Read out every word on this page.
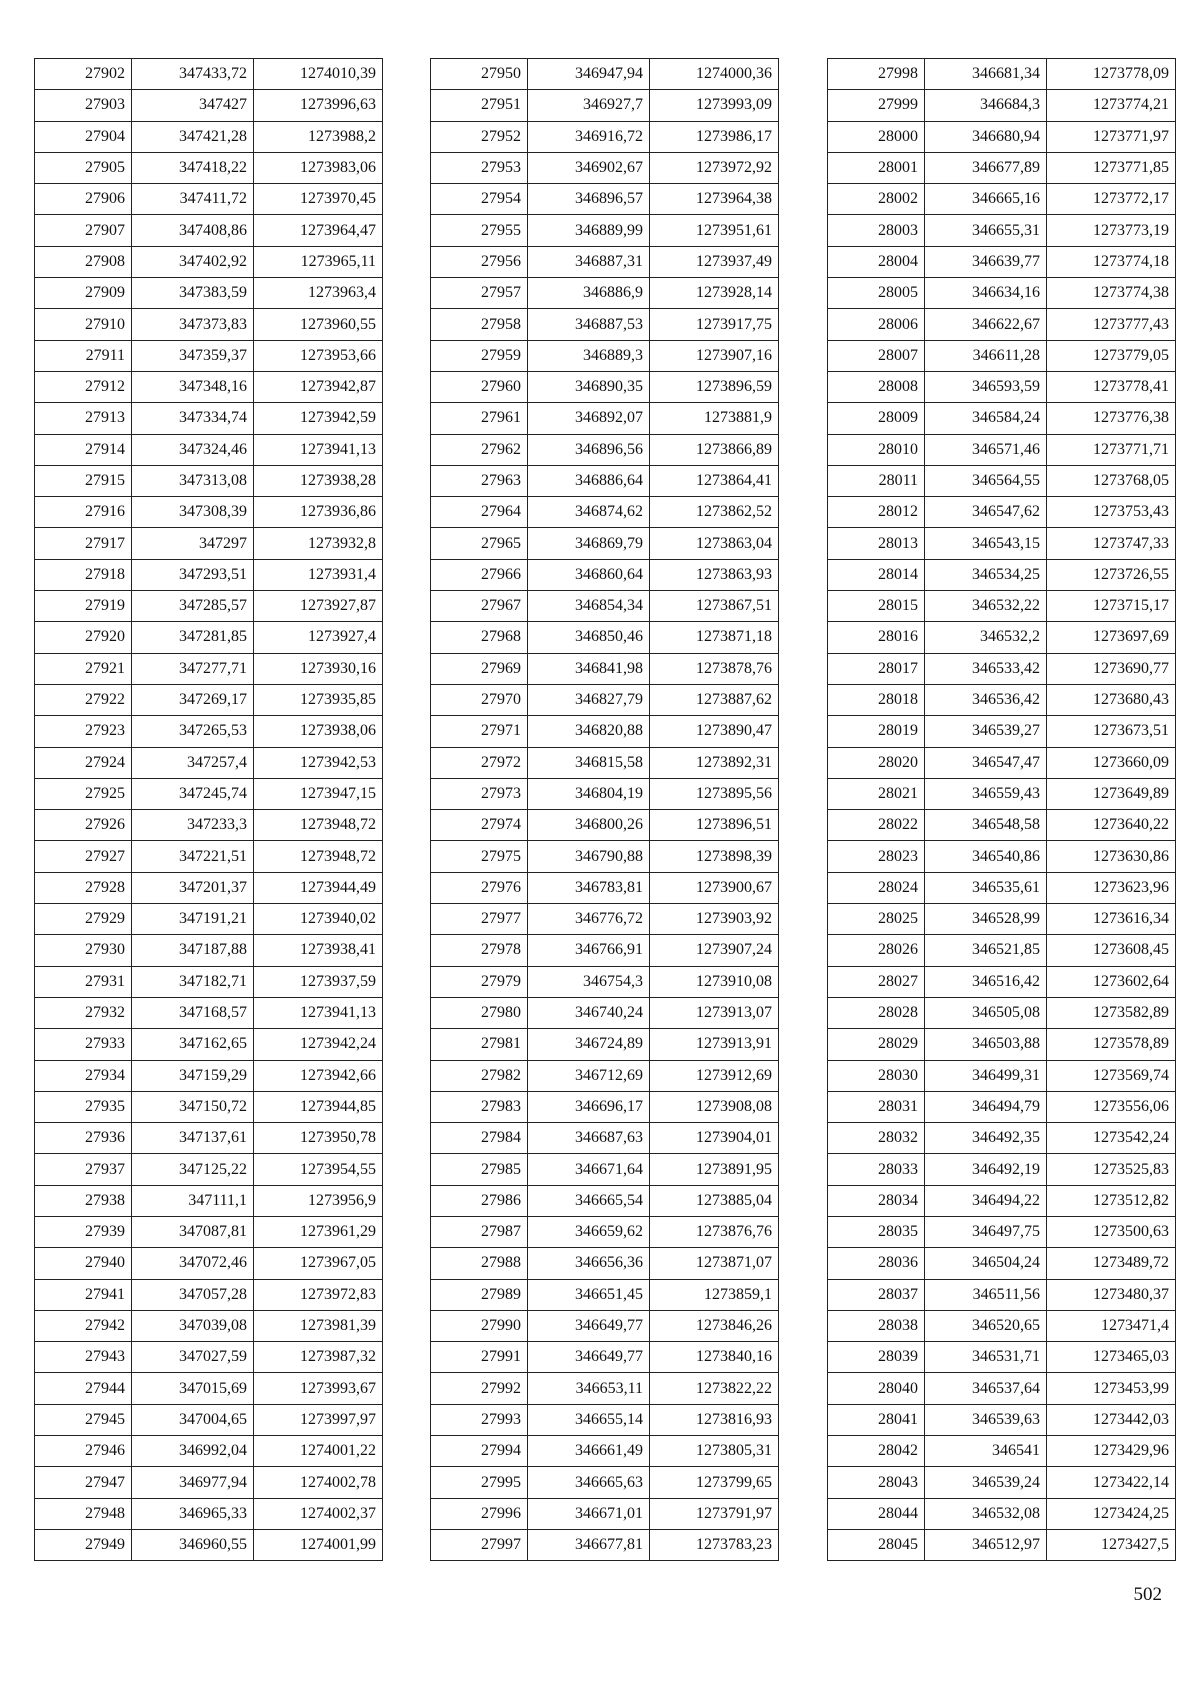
27902	347433,72	1274010,39
27903	347427	1273996,63
27904	347421,28	1273988,2
27905	347418,22	1273983,06
27906	347411,72	1273970,45
27907	347408,86	1273964,47
27908	347402,92	1273965,11
27909	347383,59	1273963,4
27910	347373,83	1273960,55
27911	347359,37	1273953,66
27912	347348,16	1273942,87
27913	347334,74	1273942,59
27914	347324,46	1273941,13
27915	347313,08	1273938,28
27916	347308,39	1273936,86
27917	347297	1273932,8
27918	347293,51	1273931,4
27919	347285,57	1273927,87
27920	347281,85	1273927,4
27921	347277,71	1273930,16
27922	347269,17	1273935,85
27923	347265,53	1273938,06
27924	347257,4	1273942,53
27925	347245,74	1273947,15
27926	347233,3	1273948,72
27927	347221,51	1273948,72
27928	347201,37	1273944,49
27929	347191,21	1273940,02
27930	347187,88	1273938,41
27931	347182,71	1273937,59
27932	347168,57	1273941,13
27933	347162,65	1273942,24
27934	347159,29	1273942,66
27935	347150,72	1273944,85
27936	347137,61	1273950,78
27937	347125,22	1273954,55
27938	347111,1	1273956,9
27939	347087,81	1273961,29
27940	347072,46	1273967,05
27941	347057,28	1273972,83
27942	347039,08	1273981,39
27943	347027,59	1273987,32
27944	347015,69	1273993,67
27945	347004,65	1273997,97
27946	346992,04	1274001,22
27947	346977,94	1274002,78
27948	346965,33	1274002,37
27949	346960,55	1274001,99
27950	346947,94	1274000,36
27951	346927,7	1273993,09
27952	346916,72	1273986,17
27953	346902,67	1273972,92
27954	346896,57	1273964,38
27955	346889,99	1273951,61
27956	346887,31	1273937,49
27957	346886,9	1273928,14
27958	346887,53	1273917,75
27959	346889,3	1273907,16
27960	346890,35	1273896,59
27961	346892,07	1273881,9
27962	346896,56	1273866,89
27963	346886,64	1273864,41
27964	346874,62	1273862,52
27965	346869,79	1273863,04
27966	346860,64	1273863,93
27967	346854,34	1273867,51
27968	346850,46	1273871,18
27969	346841,98	1273878,76
27970	346827,79	1273887,62
27971	346820,88	1273890,47
27972	346815,58	1273892,31
27973	346804,19	1273895,56
27974	346800,26	1273896,51
27975	346790,88	1273898,39
27976	346783,81	1273900,67
27977	346776,72	1273903,92
27978	346766,91	1273907,24
27979	346754,3	1273910,08
27980	346740,24	1273913,07
27981	346724,89	1273913,91
27982	346712,69	1273912,69
27983	346696,17	1273908,08
27984	346687,63	1273904,01
27985	346671,64	1273891,95
27986	346665,54	1273885,04
27987	346659,62	1273876,76
27988	346656,36	1273871,07
27989	346651,45	1273859,1
27990	346649,77	1273846,26
27991	346649,77	1273840,16
27992	346653,11	1273822,22
27993	346655,14	1273816,93
27994	346661,49	1273805,31
27995	346665,63	1273799,65
27996	346671,01	1273791,97
27997	346677,81	1273783,23
27998	346681,34	1273778,09
27999	346684,3	1273774,21
28000	346680,94	1273771,97
28001	346677,89	1273771,85
28002	346665,16	1273772,17
28003	346655,31	1273773,19
28004	346639,77	1273774,18
28005	346634,16	1273774,38
28006	346622,67	1273777,43
28007	346611,28	1273779,05
28008	346593,59	1273778,41
28009	346584,24	1273776,38
28010	346571,46	1273771,71
28011	346564,55	1273768,05
28012	346547,62	1273753,43
28013	346543,15	1273747,33
28014	346534,25	1273726,55
28015	346532,22	1273715,17
28016	346532,2	1273697,69
28017	346533,42	1273690,77
28018	346536,42	1273680,43
28019	346539,27	1273673,51
28020	346547,47	1273660,09
28021	346559,43	1273649,89
28022	346548,58	1273640,22
28023	346540,86	1273630,86
28024	346535,61	1273623,96
28025	346528,99	1273616,34
28026	346521,85	1273608,45
28027	346516,42	1273602,64
28028	346505,08	1273582,89
28029	346503,88	1273578,89
28030	346499,31	1273569,74
28031	346494,79	1273556,06
28032	346492,35	1273542,24
28033	346492,19	1273525,83
28034	346494,22	1273512,82
28035	346497,75	1273500,63
28036	346504,24	1273489,72
28037	346511,56	1273480,37
28038	346520,65	1273471,4
28039	346531,71	1273465,03
28040	346537,64	1273453,99
28041	346539,63	1273442,03
28042	346541	1273429,96
28043	346539,24	1273422,14
28044	346532,08	1273424,25
28045	346512,97	1273427,5
502
